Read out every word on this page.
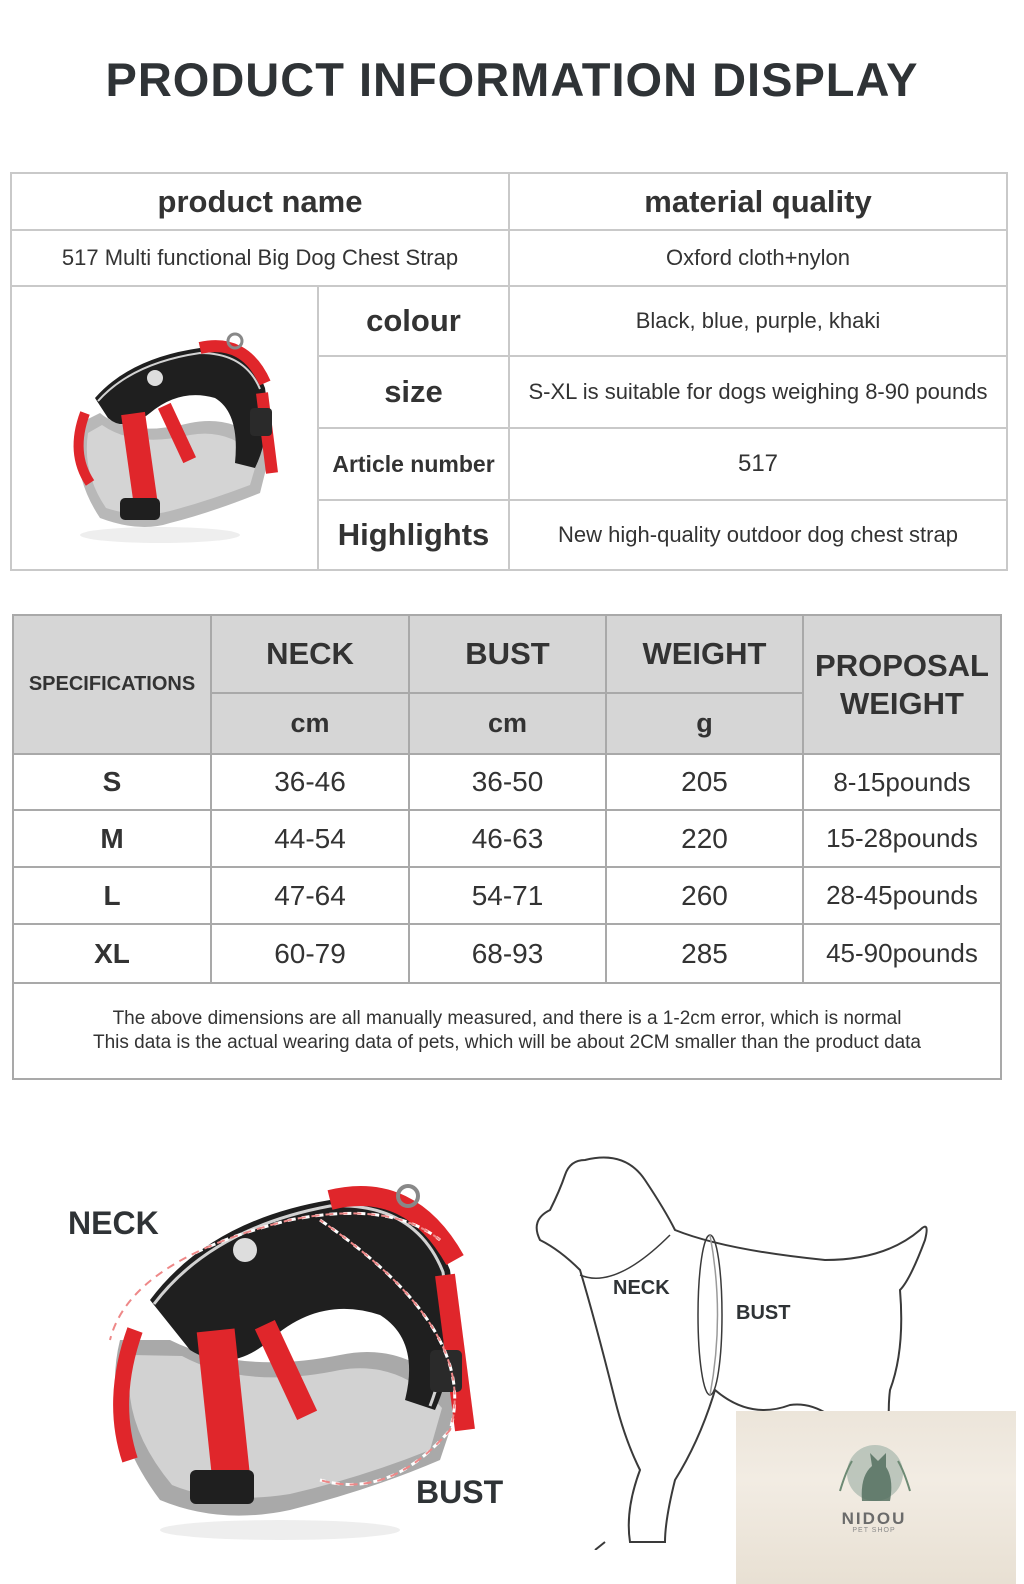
PRODUCT INFORMATION DISPLAY
product name	material quality
517 Multi functional Big Dog Chest Strap	Oxford cloth+nylon
colour	Black, blue, purple, khaki
size	S-XL is suitable for dogs weighing 8-90 pounds
Article number	517
Highlights	New high-quality outdoor dog chest strap
SPECIFICATIONS
NECK	BUST	WEIGHT
cm	cm	g
PROPOSAL
WEIGHT
S	36-46	36-50	205	8-15pounds
M	44-54	46-63	220	15-28pounds
L	47-64	54-71	260	28-45pounds
XL	60-79	68-93	285	45-90pounds
The above dimensions are all manually measured, and there is a 1-2cm error, which is normal
This data is the actual wearing data of pets, which will be about 2CM smaller than the product data
NECK
BUST
NECK
BUST
NIDOU
PET SHOP
